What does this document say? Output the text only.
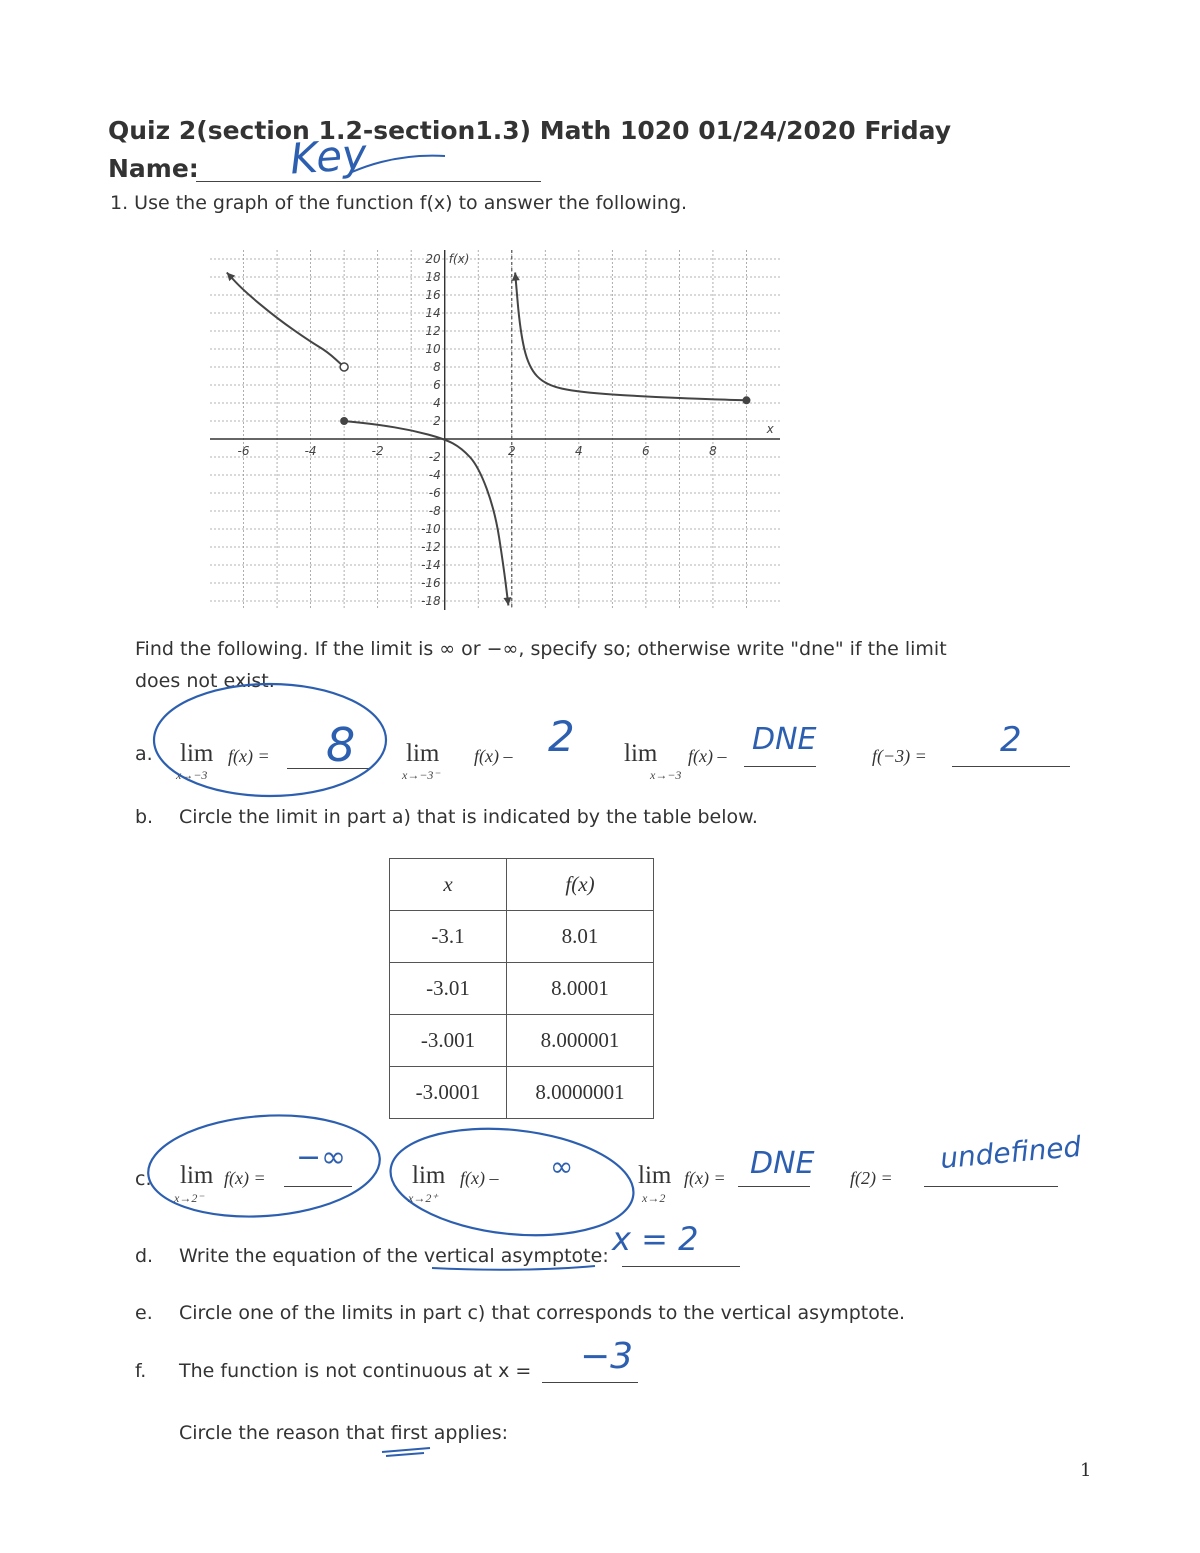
Quiz 2(section 1.2-section1.3) Math 1020 01/24/2020 Friday
Name: Key
1. Use the graph of the function f(x) to answer the following.
-6	-4	-2	2	4	6	8
20
18
16
14
12
10
8
6
4
2
-2
-4
-6
-8
-10
-12
-14
-16
-18
f(x)
x
Find the following. If the limit is ∞ or −∞, specify so; otherwise write "dne" if the limit
does not exist.
a. lim
x→−3
f(x) = 8 lim
x→−3⁻
f(x) – 2 lim
x→−3
f(x) – DNE	f(−3) = 2
b. Circle the limit in part a) that is indicated by the table below.
x	f(x)
-3.1	8.01
-3.01	8.0001
-3.001	8.000001
-3.0001	8.0000001
c. lim
x→2⁻
f(x) =
−∞
lim
x→2⁺
f(x) – ∞	lim
x→2
f(x) = DNE f(2) =
undefined
d. Write the equation of the vertical asymptote: x = 2
e. Circle one of the limits in part c) that corresponds to the vertical asymptote.
f. The function is not continuous at x = −3
Circle the reason that first applies:
1
